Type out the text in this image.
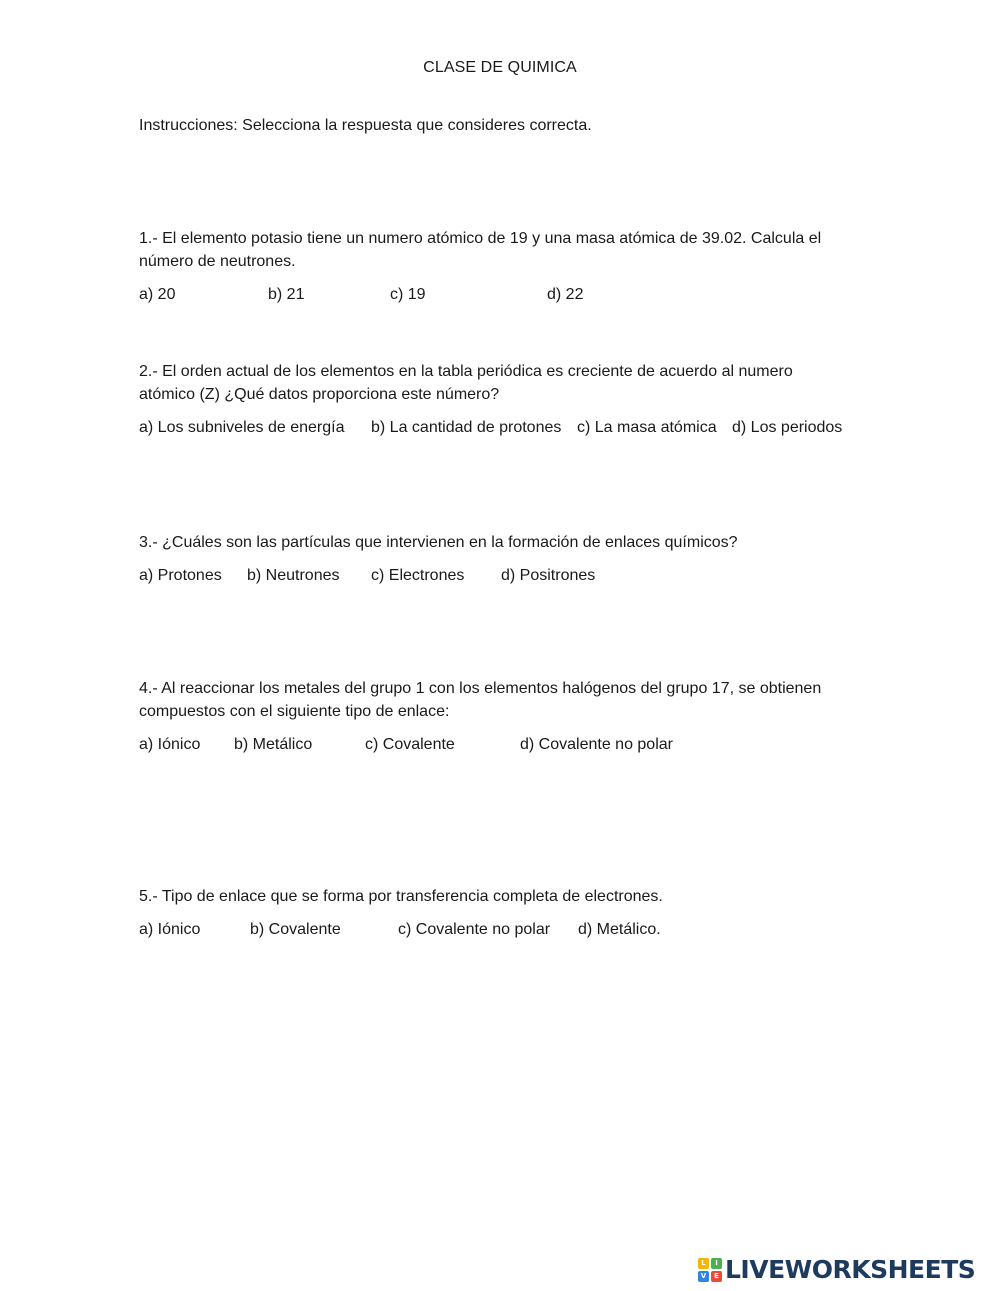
CLASE DE QUIMICA
Instrucciones: Selecciona la respuesta que consideres correcta.

1.- El elemento potasio tiene un numero atómico de 19 y una masa atómica de 39.02. Calcula el
número de neutrones.

a) 20	b) 21	c) 19	d) 22

2.- El orden actual de los elementos en la tabla periódica es creciente de acuerdo al numero
atómico (Z) ¿Qué datos proporciona este número?

a) Los subniveles de energía b) La cantidad de protones c) La masa atómica d) Los periodos

3.- ¿Cuáles son las partículas que intervienen en la formación de enlaces químicos?

a) Protones b) Neutrones c) Electrones d) Positrones

4.- Al reaccionar los metales del grupo 1 con los elementos halógenos del grupo 17, se obtienen
compuestos con el siguiente tipo de enlace:

a) Iónico b) Metálico	c) Covalente	d) Covalente no polar

5.- Tipo de enlace que se forma por transferencia completa de electrones.

a) Iónico	b) Covalente	c) Covalente no polar d) Metálico.
L	I
V	E LIVEWORKSHEETS
